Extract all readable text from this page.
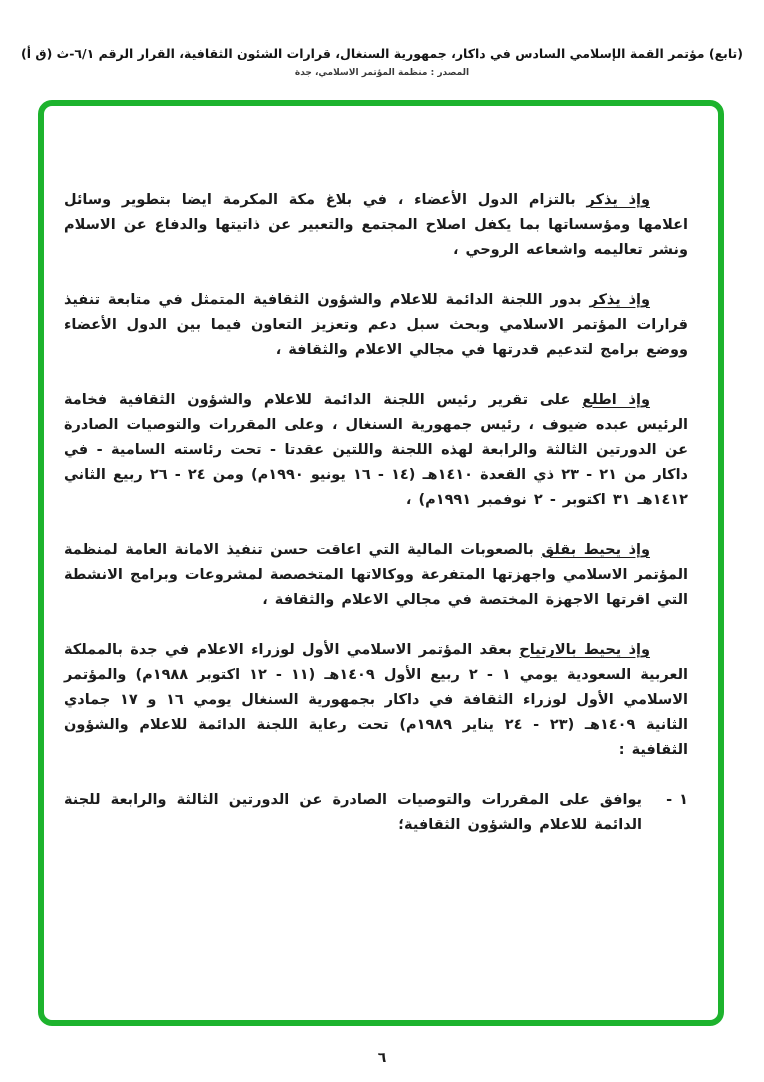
(تابع) مؤتمر القمة الإسلامي السادس في داكار، جمهورية السنغال، قرارات الشئون الثقافية، القرار الرقم ٦/١-ث (ق أ)
المصدر : منظمة المؤتمر الاسلامي، جدة

وإذ يذكر بالتزام الدول الأعضاء ، في بلاغ مكة المكرمة ايضا بتطوير وسائل اعلامها ومؤسساتها بما يكفل اصلاح المجتمع والتعبير عن ذاتيتها والدفاع عن الاسلام ونشر تعاليمه واشعاعه الروحي ،

وإذ يذكر بدور اللجنة الدائمة للاعلام والشؤون الثقافية المتمثل في متابعة تنفيذ قرارات المؤتمر الاسلامي وبحث سبل دعم وتعزيز التعاون فيما بين الدول الأعضاء ووضع برامج لتدعيم قدرتها في مجالي الاعلام والثقافة ،

وإذ اطلع على تقرير رئيس اللجنة الدائمة للاعلام والشؤون الثقافية فخامة الرئيس عبده ضيوف ، رئيس جمهورية السنغال ، وعلى المقررات والتوصيات الصادرة عن الدورتين الثالثة والرابعة لهذه اللجنة واللتين عقدتا - تحت رئاسته السامية - في داكار من ٢١ - ٢٣ ذي القعدة ١٤١٠هـ (١٤ - ١٦ يونيو ١٩٩٠م) ومن ٢٤ - ٢٦ ربيع الثاني ١٤١٢هـ ٣١ اكتوبر - ٢ نوفمبر ١٩٩١م) ،

وإذ يحيط بقلق بالصعوبات المالية التي اعاقت حسن تنفيذ الامانة العامة لمنظمة المؤتمر الاسلامي واجهزتها المتفرعة ووكالاتها المتخصصة لمشروعات وبرامج الانشطة التي اقرتها الاجهزة المختصة في مجالي الاعلام والثقافة ،

وإذ يحيط بالارتياح بعقد المؤتمر الاسلامي الأول لوزراء الاعلام في جدة بالمملكة العربية السعودية يومي ١ - ٢ ربيع الأول ١٤٠٩هـ (١١ - ١٢ اكتوبر ١٩٨٨م) والمؤتمر الاسلامي الأول لوزراء الثقافة في داكار بجمهورية السنغال يومي ١٦ و ١٧ جمادي الثانية ١٤٠٩هـ (٢٣ - ٢٤ يناير ١٩٨٩م) تحت رعاية اللجنة الدائمة للاعلام والشؤون الثقافية :

١ -
يوافق على المقررات والتوصيات الصادرة عن الدورتين الثالثة والرابعة للجنة الدائمة للاعلام والشؤون الثقافية؛
٦
